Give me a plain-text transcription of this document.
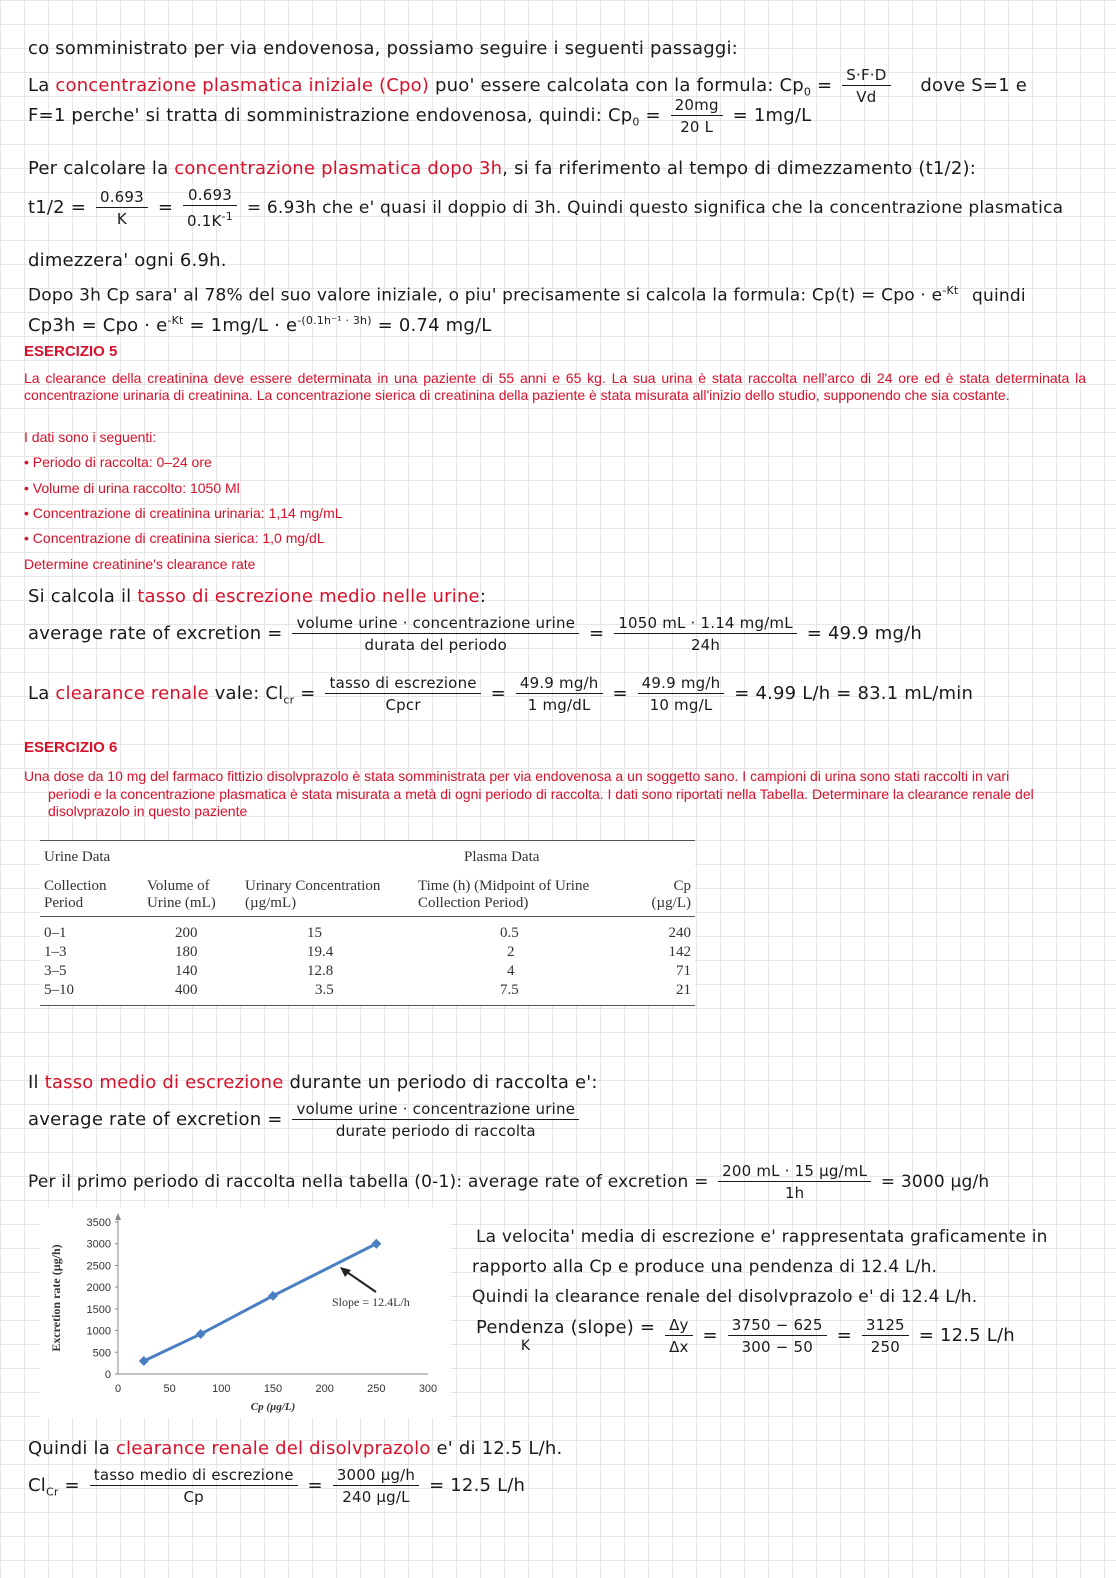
co somministrato per via endovenosa, possiamo seguire i seguenti passaggi:
La concentrazione plasmatica iniziale (Cpo) puo' essere calcolata con la formula: $Cp_0 = \frac{S\cdot F\cdot D}{Vd}$ dove S=1 e
F=1 perche' si tratta di somministrazione endovenosa, quindi: $Cp_0 = \frac{20mg}{20 L} = 1mg/L$
Per calcolare la concentrazione plasmatica dopo 3h, si fa riferimento al tempo di dimezzamento (t1/2):
$t1/2 = \frac{0.693}{K} = \frac{0.693}{0.1K^{-1}} = 6.93h$ che e' quasi il doppio di 3h. Quindi questo significa che la concentrazione plasmatica
dimezzera' ogni 6.9h.
Dopo 3h Cp sara' al 78% del suo valore iniziale, o piu' precisamente si calcola la formula: Cp(t) = Cpo · $e^{-Kt}$ quindi
Cp3h = Cpo · $e^{-Kt} = 1mg/L \cdot e^{-(0.1h^{-1} \cdot 3h)} = 0.74$ mg/L
ESERCIZIO 5
La clearance della creatinina deve essere determinata in una paziente di 55 anni e 65 kg. La sua urina è stata raccolta nell'arco di 24 ore ed è stata determinata la concentrazione urinaria di creatinina. La concentrazione sierica di creatinina della paziente è stata misurata all'inizio dello studio, supponendo che sia costante.
I dati sono i seguenti:
• Periodo di raccolta: 0–24 ore
• Volume di urina raccolto: 1050 Ml
• Concentrazione di creatinina urinaria: 1,14 mg/mL
• Concentrazione di creatinina sierica: 1,0 mg/dL
Determine creatinine's clearance rate
Si calcola il tasso di escrezione medio nelle urine:
average rate of excretion = $\frac{\text{volume urine · concentrazione urine}}{\text{durata del periodo}} = \frac{1050 mL \cdot 1.14 mg/mL}{24h} = 49.9$ mg/h
La clearance renale vale: $Cl_{cr} = \frac{\text{tasso di escrezione}}{\text{Cpcr}} = \frac{49.9 mg/h}{1 mg/dL} = \frac{49.9 mg/h}{10 mg/L} = 4.99$ L/h = 83.1 mL/min
ESERCIZIO 6
Una dose da 10 mg del farmaco fittizio disolvprazolo è stata somministrata per via endovenosa a un soggetto sano. I campioni di urina sono stati raccolti in vari
periodi e la concentrazione plasmatica è stata misurata a metà di ogni periodo di raccolta. I dati sono riportati nella Tabella. Determinare la clearance renale del disolvprazolo in questo paziente
Urine Data			Plasma Data	
Collection Period	Volume of Urine (mL)	Urinary Concentration (µg/mL)	Time (h) (Midpoint of Urine Collection Period)	Cp (µg/L)
0–1	200	15	0.5	240
1–3	180	19.4	2	142
3–5	140	12.8	4	71
5–10	400	3.5	7.5	21
Il tasso medio di escrezione durante un periodo di raccolta e':
average rate of excretion = $\frac{\text{volume urine · concentrazione urine}}{\text{durate periodo di raccolta}}$
Per il primo periodo di raccolta nella tabella (0-1): average rate of excretion = $\frac{\text{200 mL · 15 µg/mL}}{1h} = 3000$ µg/h
0
500
1000
1500
2000
2500
3000
3500
0	50	100	150	200	250	300
Cp (µg/L)
Excretion rate (µg/h)	Slope = 12.4L/h
La velocita' media di escrezione e' rappresentata graficamente in
rapporto alla Cp e produce una pendenza di 12.4 L/h.
Quindi la clearance renale del disolvprazolo e' di 12.4 L/h.
Pendenza (slope) =
K
	$\frac{\Delta y}{\Delta x} = \frac{3750 - 625}{300 - 50} = \frac{3125}{250} = 12.5$ L/h
Quindi la clearance renale del disolvprazolo e' di 12.5 L/h.
$Cl_{Cr} = \frac{\text{tasso medio di escrezione}}{Cp} = \frac{\text{3000 µg/h}}{\text{240 µg/L}} = 12.5$ L/h
